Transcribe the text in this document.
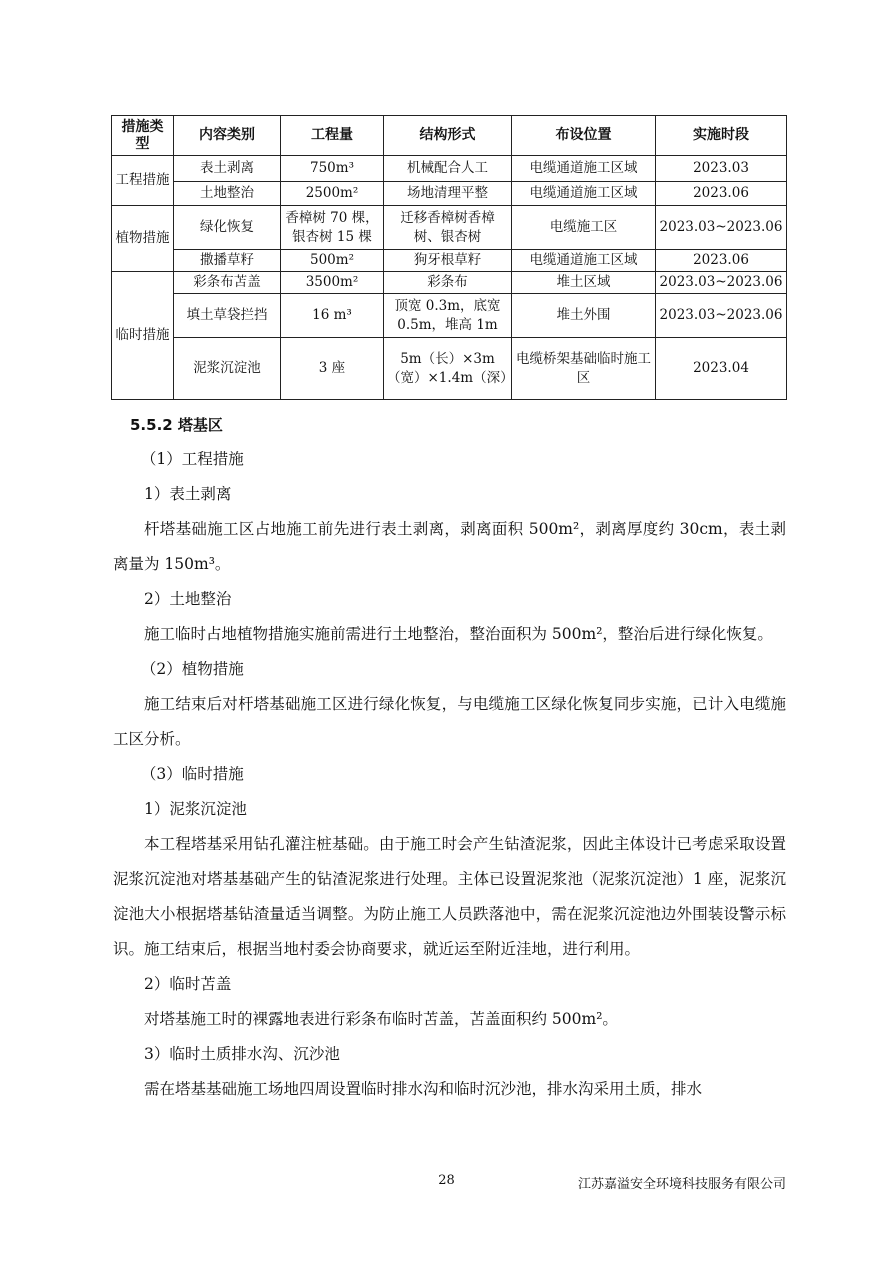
措施类型	内容类别	工程量	结构形式	布设位置	实施时段
工程措施	表土剥离	750m³	机械配合人工	电缆通道施工区域	2023.03
	土地整治	2500m²	场地清理平整	电缆通道施工区域	2023.06
植物措施	绿化恢复	香樟树 70 棵，银杏树 15 棵	迁移香樟树香樟树、银杏树	电缆施工区	2023.03~2023.06
	撒播草籽	500m²	狗牙根草籽	电缆通道施工区域	2023.06
临时措施	彩条布苫盖	3500m²	彩条布	堆土区域	2023.03~2023.06
	填土草袋拦挡	16 m³	顶宽 0.3m，底宽 0.5m，堆高 1m	堆土外围	2023.03~2023.06
	泥浆沉淀池	3 座	5m（长）×3m（宽）×1.4m（深）	电缆桥架基础临时施工区	2023.04
5.5.2 塔基区

（1）工程措施

1）表土剥离

杆塔基础施工区占地施工前先进行表土剥离，剥离面积 500m²，剥离厚度约 30cm，表土剥离量为 150m³。

2）土地整治

施工临时占地植物措施实施前需进行土地整治，整治面积为 500m²，整治后进行绿化恢复。

（2）植物措施

施工结束后对杆塔基础施工区进行绿化恢复，与电缆施工区绿化恢复同步实施，已计入电缆施工区分析。

（3）临时措施

1）泥浆沉淀池

本工程塔基采用钻孔灌注桩基础。由于施工时会产生钻渣泥浆，因此主体设计已考虑采取设置泥浆沉淀池对塔基基础产生的钻渣泥浆进行处理。主体已设置泥浆池（泥浆沉淀池）1 座，泥浆沉淀池大小根据塔基钻渣量适当调整。为防止施工人员跌落池中，需在泥浆沉淀池边外围装设警示标识。施工结束后，根据当地村委会协商要求，就近运至附近洼地，进行利用。

2）临时苫盖

对塔基施工时的裸露地表进行彩条布临时苫盖，苫盖面积约 500m²。

3）临时土质排水沟、沉沙池

需在塔基基础施工场地四周设置临时排水沟和临时沉沙池，排水沟采用土质，排水

28	江苏嘉溢安全环境科技服务有限公司
